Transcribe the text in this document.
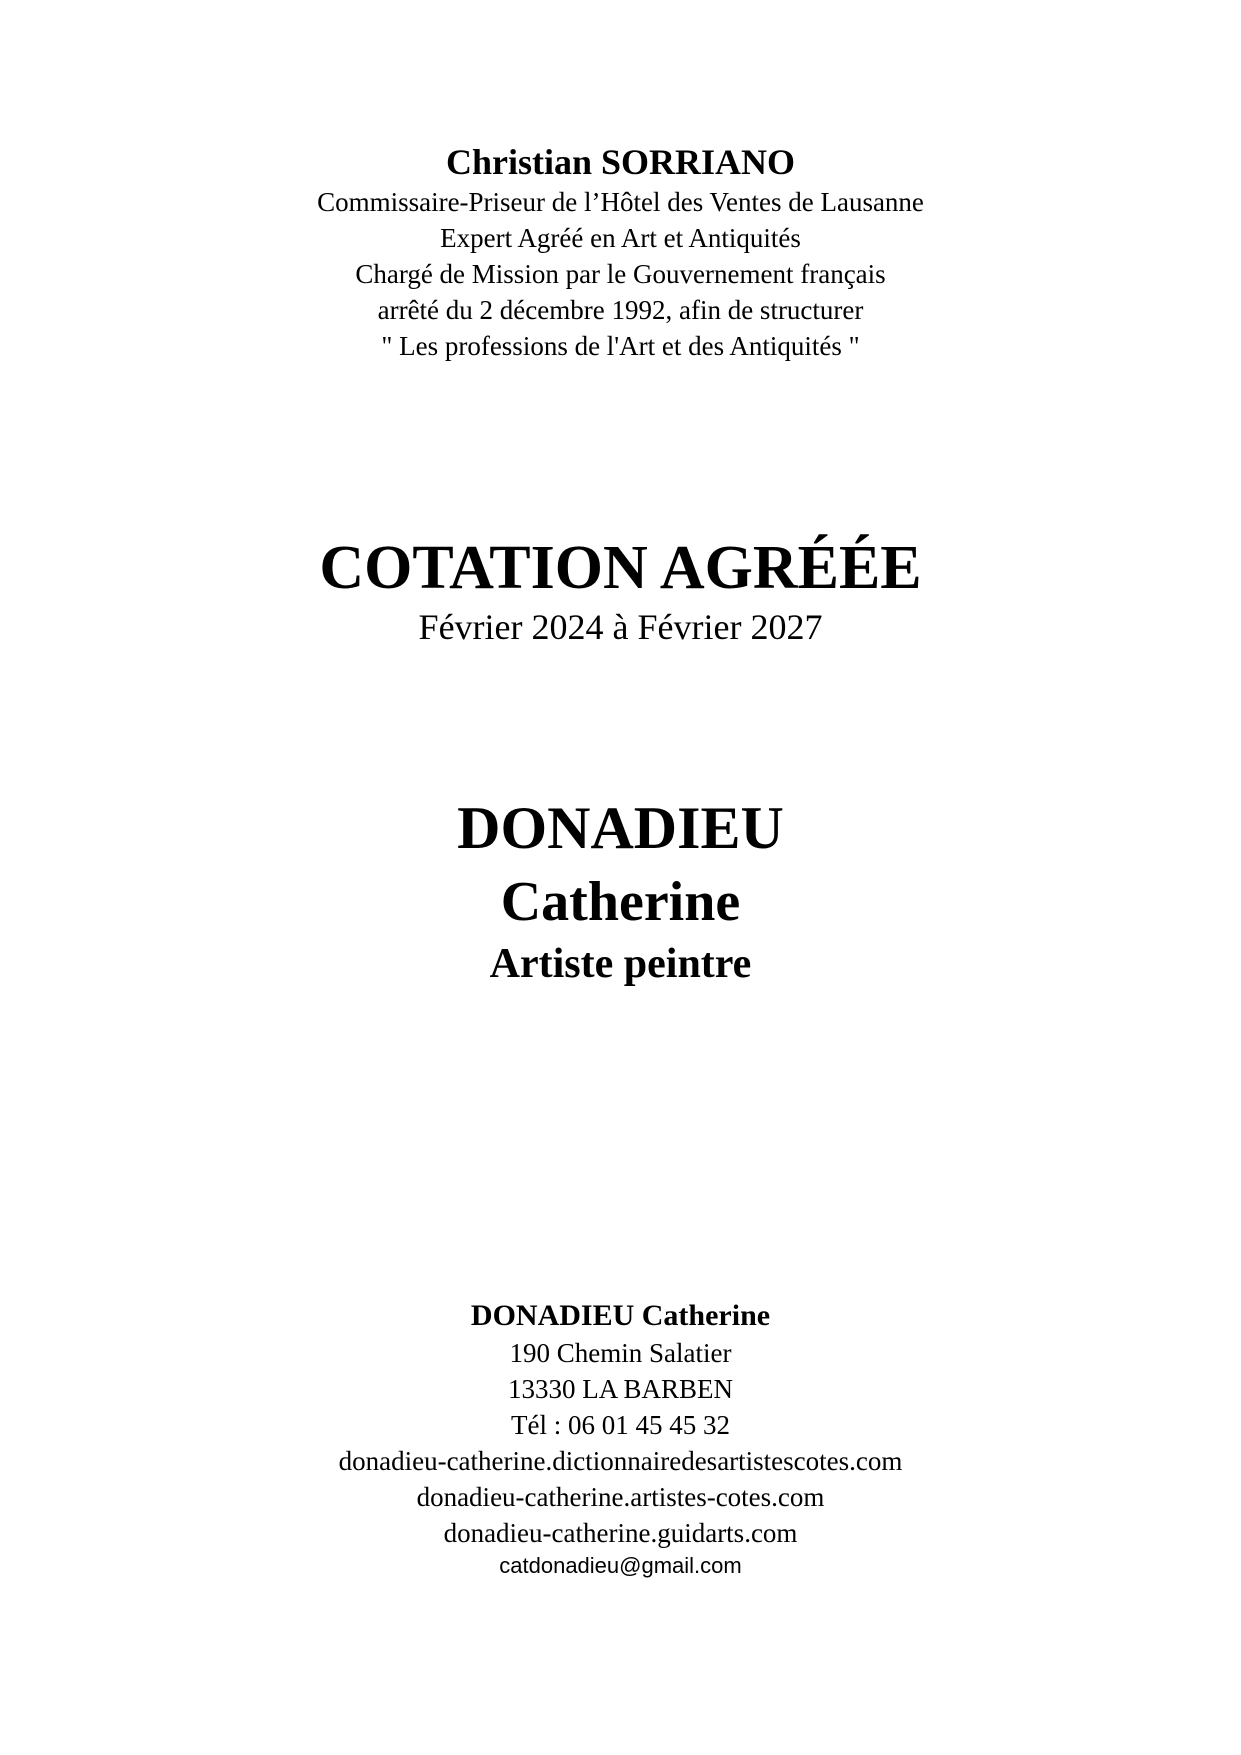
Christian SORRIANO
Commissaire-Priseur de l’Hôtel des Ventes de Lausanne
Expert Agréé en Art et Antiquités
Chargé de Mission par le Gouvernement français
arrêté du 2 décembre 1992, afin de structurer
" Les professions de l'Art et des Antiquités "
COTATION AGRÉÉE
Février 2024 à Février 2027
DONADIEU
Catherine
Artiste peintre
DONADIEU Catherine
190 Chemin Salatier
13330 LA BARBEN
Tél : 06 01 45 45 32
donadieu-catherine.dictionnairedesartistescotes.com
donadieu-catherine.artistes-cotes.com
donadieu-catherine.guidarts.com
catdonadieu@gmail.com
